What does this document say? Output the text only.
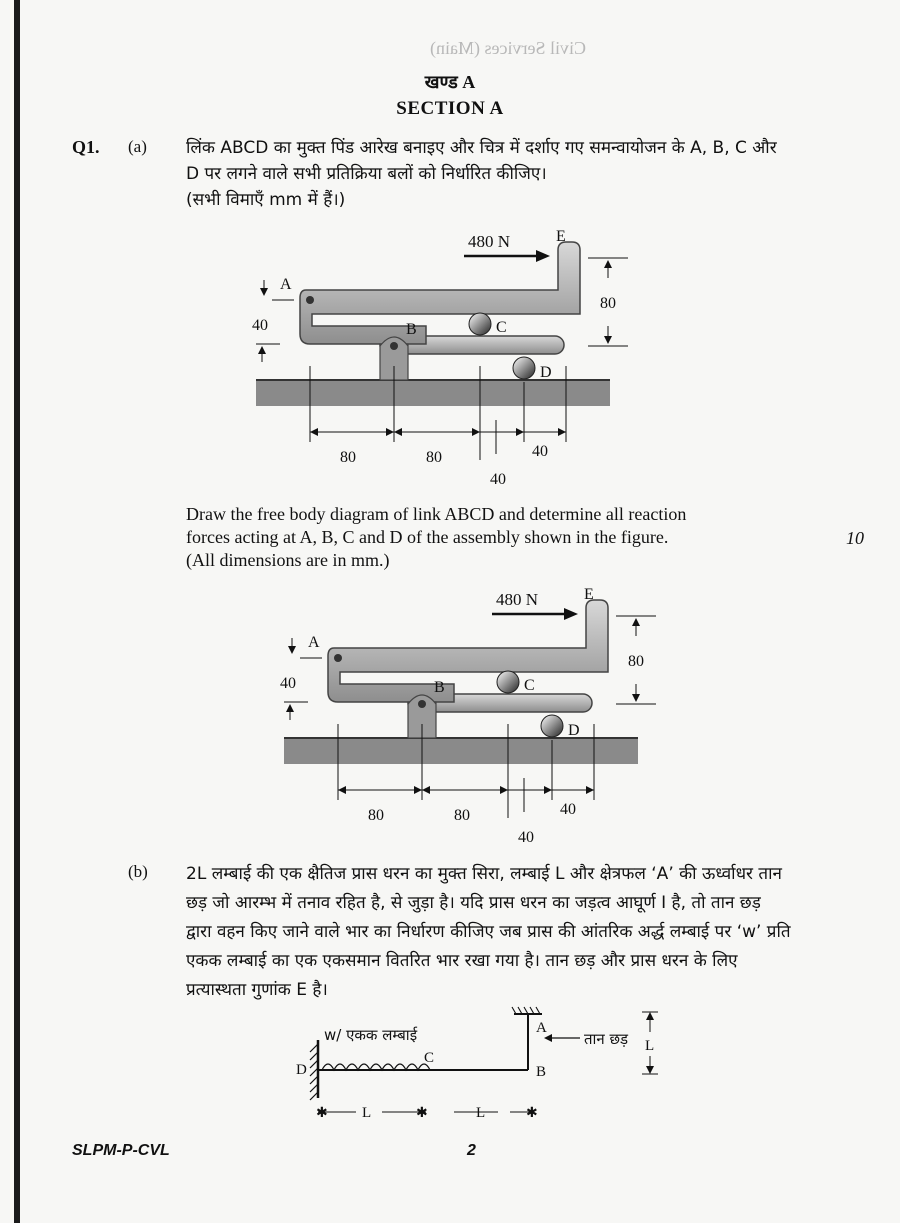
Civil Services (Main)
खण्ड A
SECTION A
Q1. (a) लिंक ABCD का मुक्त पिंड आरेख बनाइए और चित्र में दर्शाए गए समन्वायोजन के A, B, C और
D पर लगने वाले सभी प्रतिक्रिया बलों को निर्धारित कीजिए।
(सभी विमाएँ mm में हैं।)
480 N	E
A
B	C
D
40
80
80	80	40
40
Draw the free body diagram of link ABCD and determine all reaction
forces acting at A, B, C and D of the assembly shown in the figure.
(All dimensions are in mm.)
10
480 N	E
A
B	C
D
40
80
80	80	40
40
(b) 2L लम्बाई की एक क्षैतिज प्रास धरन का मुक्त सिरा, लम्बाई L और क्षेत्रफल ‘A’ की ऊर्ध्वाधर तान
छड़ जो आरम्भ में तनाव रहित है, से जुड़ा है। यदि प्रास धरन का जड़त्व आघूर्ण I है, तो तान छड़
द्वारा वहन किए जाने वाले भार का निर्धारण कीजिए जब प्रास की आंतरिक अर्द्ध लम्बाई पर ‘w’ प्रति
एकक लम्बाई का एक एकसमान वितरित भार रखा गया है। तान छड़ और प्रास धरन के लिए
प्रत्यास्थता गुणांक E है।
w/ एकक लम्बाई
D
C
A
B
तान छड़ L
✱	✱	✱
L	L
SLPM-P-CVL	2
